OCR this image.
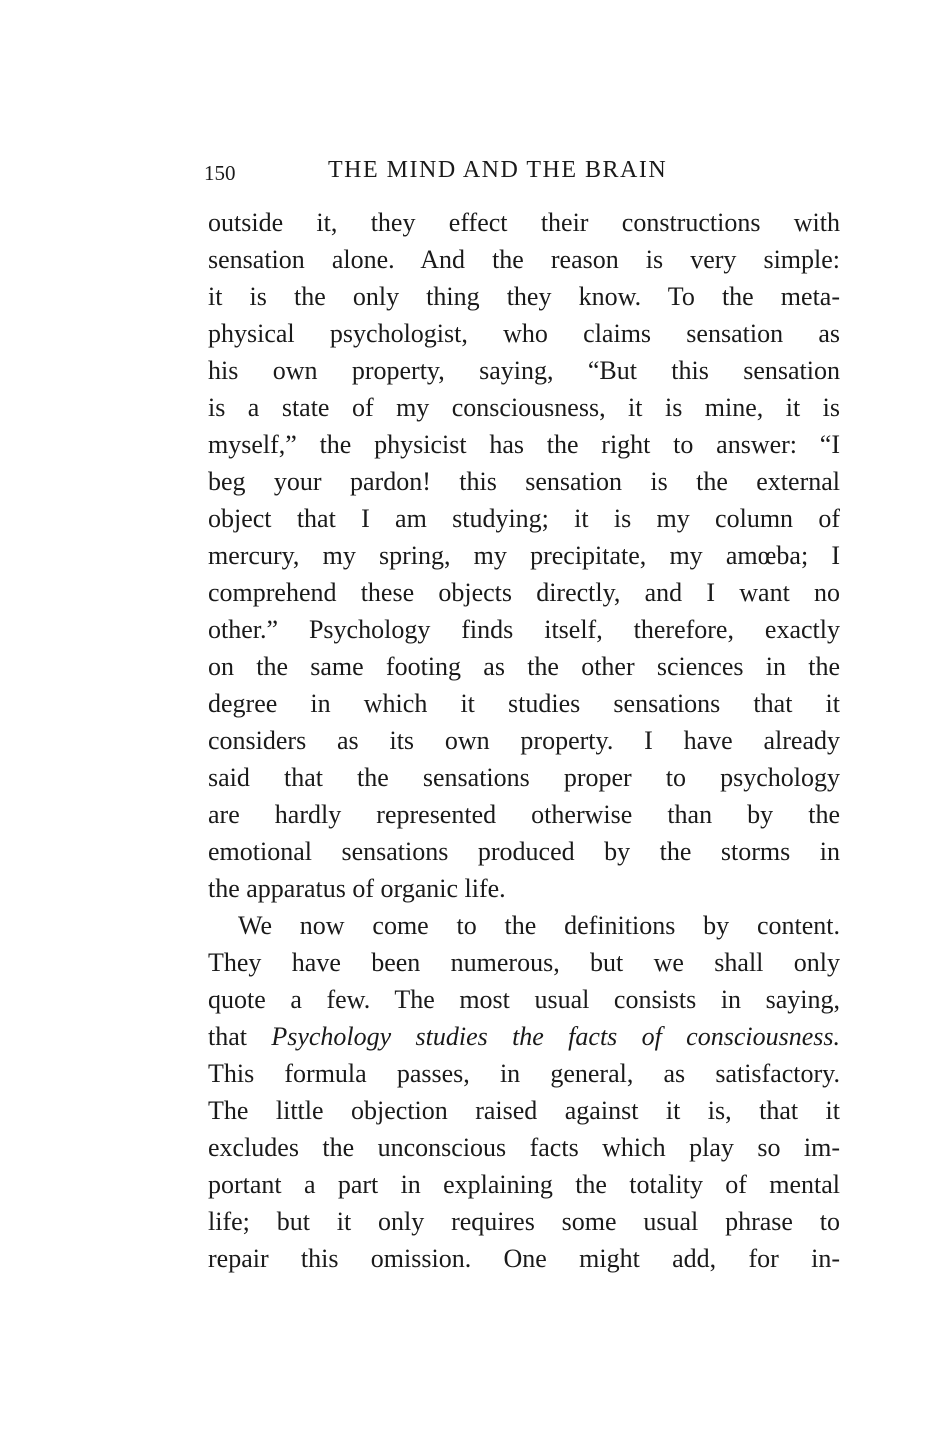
150	THE MIND AND THE BRAIN
outside it, they effect their constructions with
sensation alone. And the reason is very simple:
it is the only thing they know. To the meta-
physical psychologist, who claims sensation as
his own property, saying, “But this sensation
is a state of my consciousness, it is mine, it is
myself,” the physicist has the right to answer: “I
beg your pardon! this sensation is the external
object that I am studying; it is my column of
mercury, my spring, my precipitate, my amœba; I
comprehend these objects directly, and I want no
other.” Psychology finds itself, therefore, exactly
on the same footing as the other sciences in the
degree in which it studies sensations that it
considers as its own property. I have already
said that the sensations proper to psychology
are hardly represented otherwise than by the
emotional sensations produced by the storms in
the apparatus of organic life.
We now come to the definitions by content.
They have been numerous, but we shall only
quote a few. The most usual consists in saying,
that Psychology studies the facts of consciousness.
This formula passes, in general, as satisfactory.
The little objection raised against it is, that it
excludes the unconscious facts which play so im-
portant a part in explaining the totality of mental
life; but it only requires some usual phrase to
repair this omission. One might add, for in-
